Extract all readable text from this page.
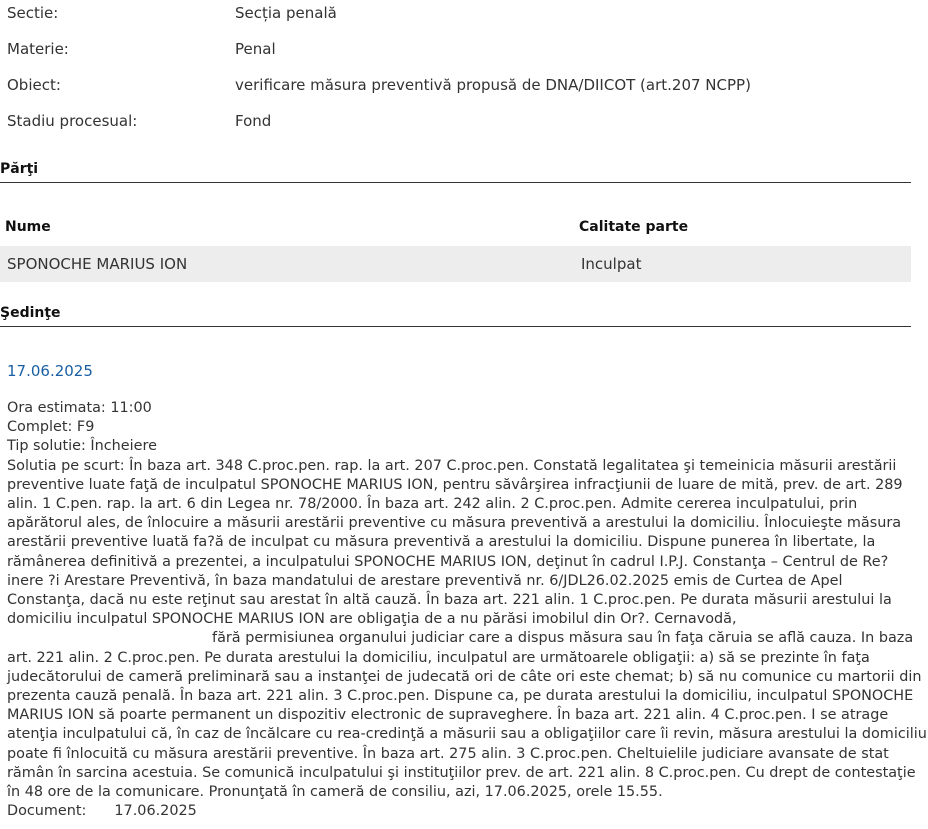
Sectie:	Secția penală
Materie:	Penal
Obiect:	verificare măsura preventivă propusă de DNA/DIICOT (art.207 NCPP)
Stadiu procesual:	Fond
Părţi
Nume	Calitate parte
SPONOCHE MARIUS ION	Inculpat
Şedinţe
17.06.2025
Ora estimata: 11:00
Complet: F9
Tip solutie: Încheiere
Solutia pe scurt: În baza art. 348 C.proc.pen. rap. la art. 207 C.proc.pen. Constată legalitatea şi temeinicia măsurii arestării
preventive luate faţă de inculpatul SPONOCHE MARIUS ION, pentru săvârşirea infracţiunii de luare de mită, prev. de art. 289
alin. 1 C.pen. rap. la art. 6 din Legea nr. 78/2000. În baza art. 242 alin. 2 C.proc.pen. Admite cererea inculpatului, prin
apărătorul ales, de înlocuire a măsurii arestării preventive cu măsura preventivă a arestului la domiciliu. Înlocuieşte măsura
arestării preventive luată fa?ă de inculpat cu măsura preventivă a arestului la domiciliu. Dispune punerea în libertate, la
rămânerea definitivă a prezentei, a inculpatului SPONOCHE MARIUS ION, deţinut în cadrul I.P.J. Constanţa – Centrul de Re?
inere ?i Arestare Preventivă, în baza mandatului de arestare preventivă nr. 6/JDL26.02.2025 emis de Curtea de Apel
Constanţa, dacă nu este reţinut sau arestat în altă cauză. În baza art. 221 alin. 1 C.proc.pen. Pe durata măsurii arestului la
domiciliu inculpatul SPONOCHE MARIUS ION are obligaţia de a nu părăsi imobilul din Or?. Cernavodă,
fără permisiunea organului judiciar care a dispus măsura sau în faţa căruia se află cauza. In baza
art. 221 alin. 2 C.proc.pen. Pe durata arestului la domiciliu, inculpatul are următoarele obligaţii: a) să se prezinte în faţa
judecătorului de cameră preliminară sau a instanţei de judecată ori de câte ori este chemat; b) să nu comunice cu martorii din
prezenta cauză penală. În baza art. 221 alin. 3 C.proc.pen. Dispune ca, pe durata arestului la domiciliu, inculpatul SPONOCHE
MARIUS ION să poarte permanent un dispozitiv electronic de supraveghere. În baza art. 221 alin. 4 C.proc.pen. I se atrage
atenţia inculpatului că, în caz de încălcare cu rea-credinţă a măsurii sau a obligaţiilor care îi revin, măsura arestului la domiciliu
poate fi înlocuită cu măsura arestării preventive. În baza art. 275 alin. 3 C.proc.pen. Cheltuielile judiciare avansate de stat
rămân în sarcina acestuia. Se comunică inculpatului şi instituţiilor prev. de art. 221 alin. 8 C.proc.pen. Cu drept de contestaţie
în 48 ore de la comunicare. Pronunţată în cameră de consiliu, azi, 17.06.2025, orele 15.55.
Document: 17.06.2025
